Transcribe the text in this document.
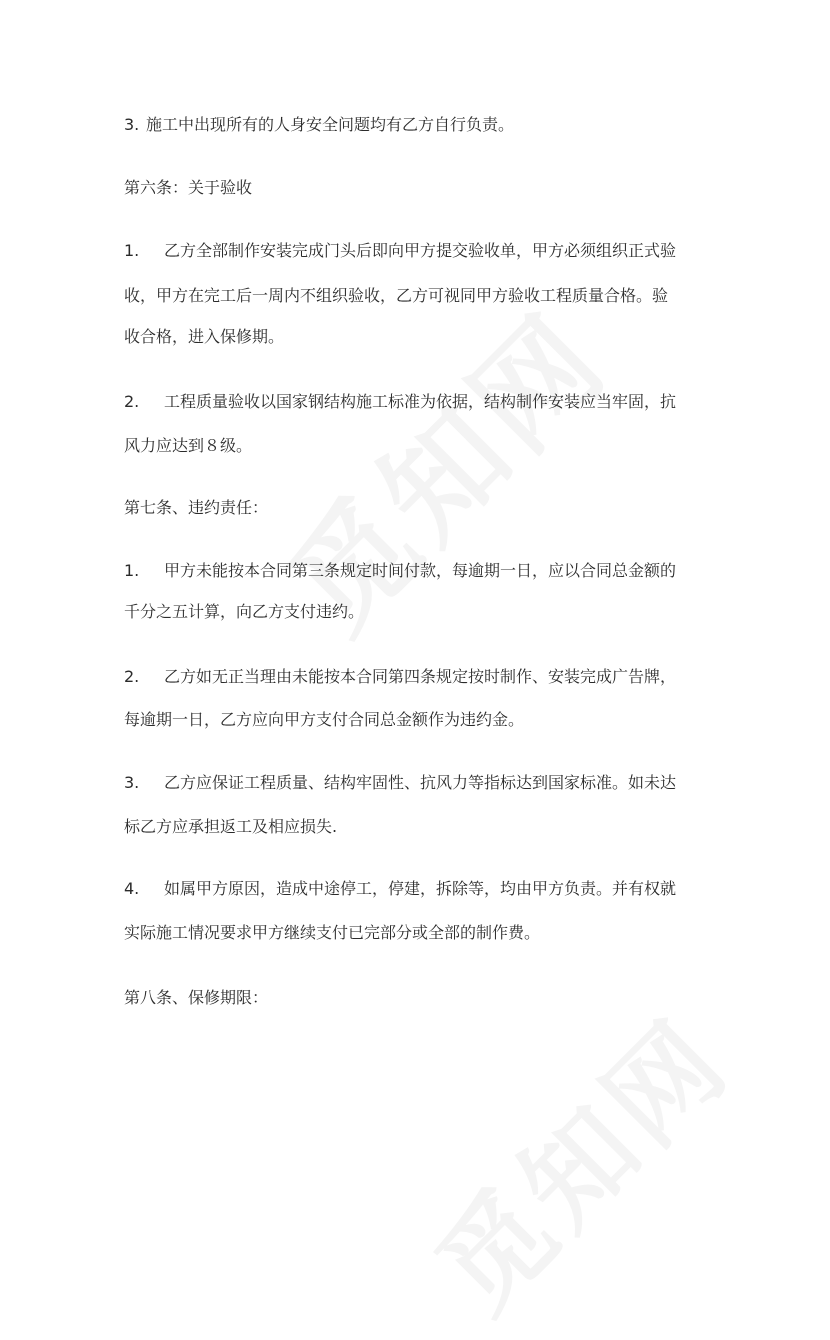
3. 施工中出现所有的人身安全问题均有乙方自行负责。

第六条：关于验收

1. 乙方全部制作安装完成门头后即向甲方提交验收单，甲方必须组织正式验

收，甲方在完工后一周内不组织验收，乙方可视同甲方验收工程质量合格。验

收合格，进入保修期。

2. 工程质量验收以国家钢结构施工标准为依据，结构制作安装应当牢固，抗

风力应达到８级。

第七条、违约责任：

1. 甲方未能按本合同第三条规定时间付款，每逾期一日，应以合同总金额的

千分之五计算，向乙方支付违约。

2. 乙方如无正当理由未能按本合同第四条规定按时制作、安装完成广告牌，

每逾期一日，乙方应向甲方支付合同总金额作为违约金。

3. 乙方应保证工程质量、结构牢固性、抗风力等指标达到国家标准。如未达

标乙方应承担返工及相应损失.

4. 如属甲方原因，造成中途停工，停建，拆除等，均由甲方负责。并有权就

实际施工情况要求甲方继续支付已完部分或全部的制作费。

第八条、保修期限：
